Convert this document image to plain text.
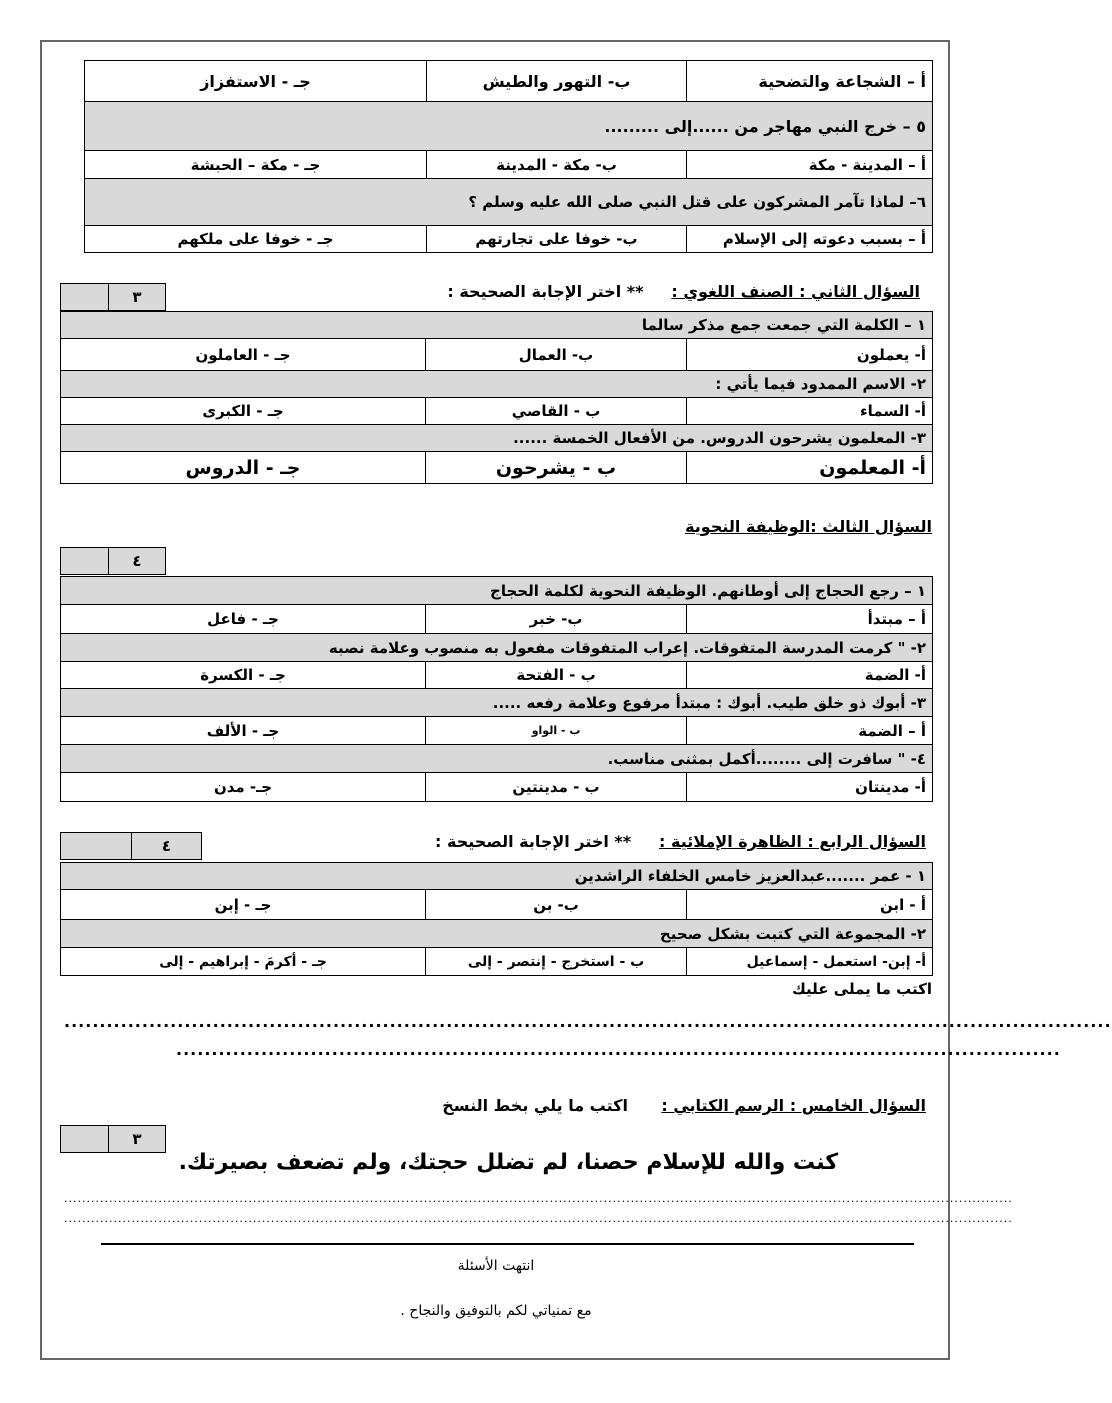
أ – الشجاعة والتضحية	ب- التهور والطيش	جـ - الاستفزاز
٥ – خرج النبي مهاجر من ......إلى .........		
أ – المدينة - مكة	ب- مكة - المدينة	جـ - مكة – الحبشة
٦– لماذا تآمر المشركون على قتل النبي صلى الله عليه وسلم ؟		
أ – بسبب دعوته إلى الإسلام	ب- خوفا على تجارتهم	جـ - خوفا على ملكهم
	٣	السؤال الثاني : الصنف اللغوي :     ** اختر الإجابة الصحيحة :
١ – الكلمة التي جمعت جمع مذكر سالما		
أ- يعملون	ب- العمال	جـ - العاملون
٢- الاسم الممدود فيما يأتي :		
أ- السماء	ب - القاصي	جـ - الكبرى
٣- المعلمون يشرحون الدروس. من الأفعال الخمسة ......		
أ- المعلمون	ب - يشرحون	جـ - الدروس
السؤال الثالث :الوظيفة النحوية
	٤
١ – رجع الحجاج إلى أوطانهم. الوظيفة النحوية لكلمة الحجاج		
أ – مبتدأ	ب- خبر	جـ - فاعل
٢- " كرمت المدرسة المتفوقات. إعراب المتفوقات مفعول به منصوب وعلامة نصبه		
أ- الضمة	ب - الفتحة	جـ - الكسرة
٣- أبوك ذو خلق طيب. أبوك : مبتدأ مرفوع وعلامة رفعه .....		
أ – الضمة	ب - الواو	جـ - الألف
٤- " سافرت إلى ........أكمل بمثنى مناسب.		
أ- مدينتان	ب - مدينتين	جـ- مدن
	٤	السؤال الرابع : الظاهرة الإملائية :     ** اختر الإجابة الصحيحة :
١ - عمر .......عبدالعزيز خامس الخلفاء الراشدين		
أ - ابن	ب- بن	جـ - إبن
٢- المجموعة التي كتبت بشكل صحيح		
أ- إبن- استعمل - إسماعيل	ب - استخرج - إنتصر - إلى	جـ - أكرمَ - إبراهيم - إلى
اكتب ما يملى عليك
....................................................................................................................................................
.............................................................................................................................
السؤال الخامس : الرسم الكتابي :      اكتب ما يلي بخط النسخ
	٣
كنت والله للإسلام حصنا، لم تضلل حجتك، ولم تضعف بصيرتك.
...................................................................................................................................................................................................................
...................................................................................................................................................................................................................
انتهت الأسئلة
مع تمنياتي لكم بالتوفيق والنجاح .
